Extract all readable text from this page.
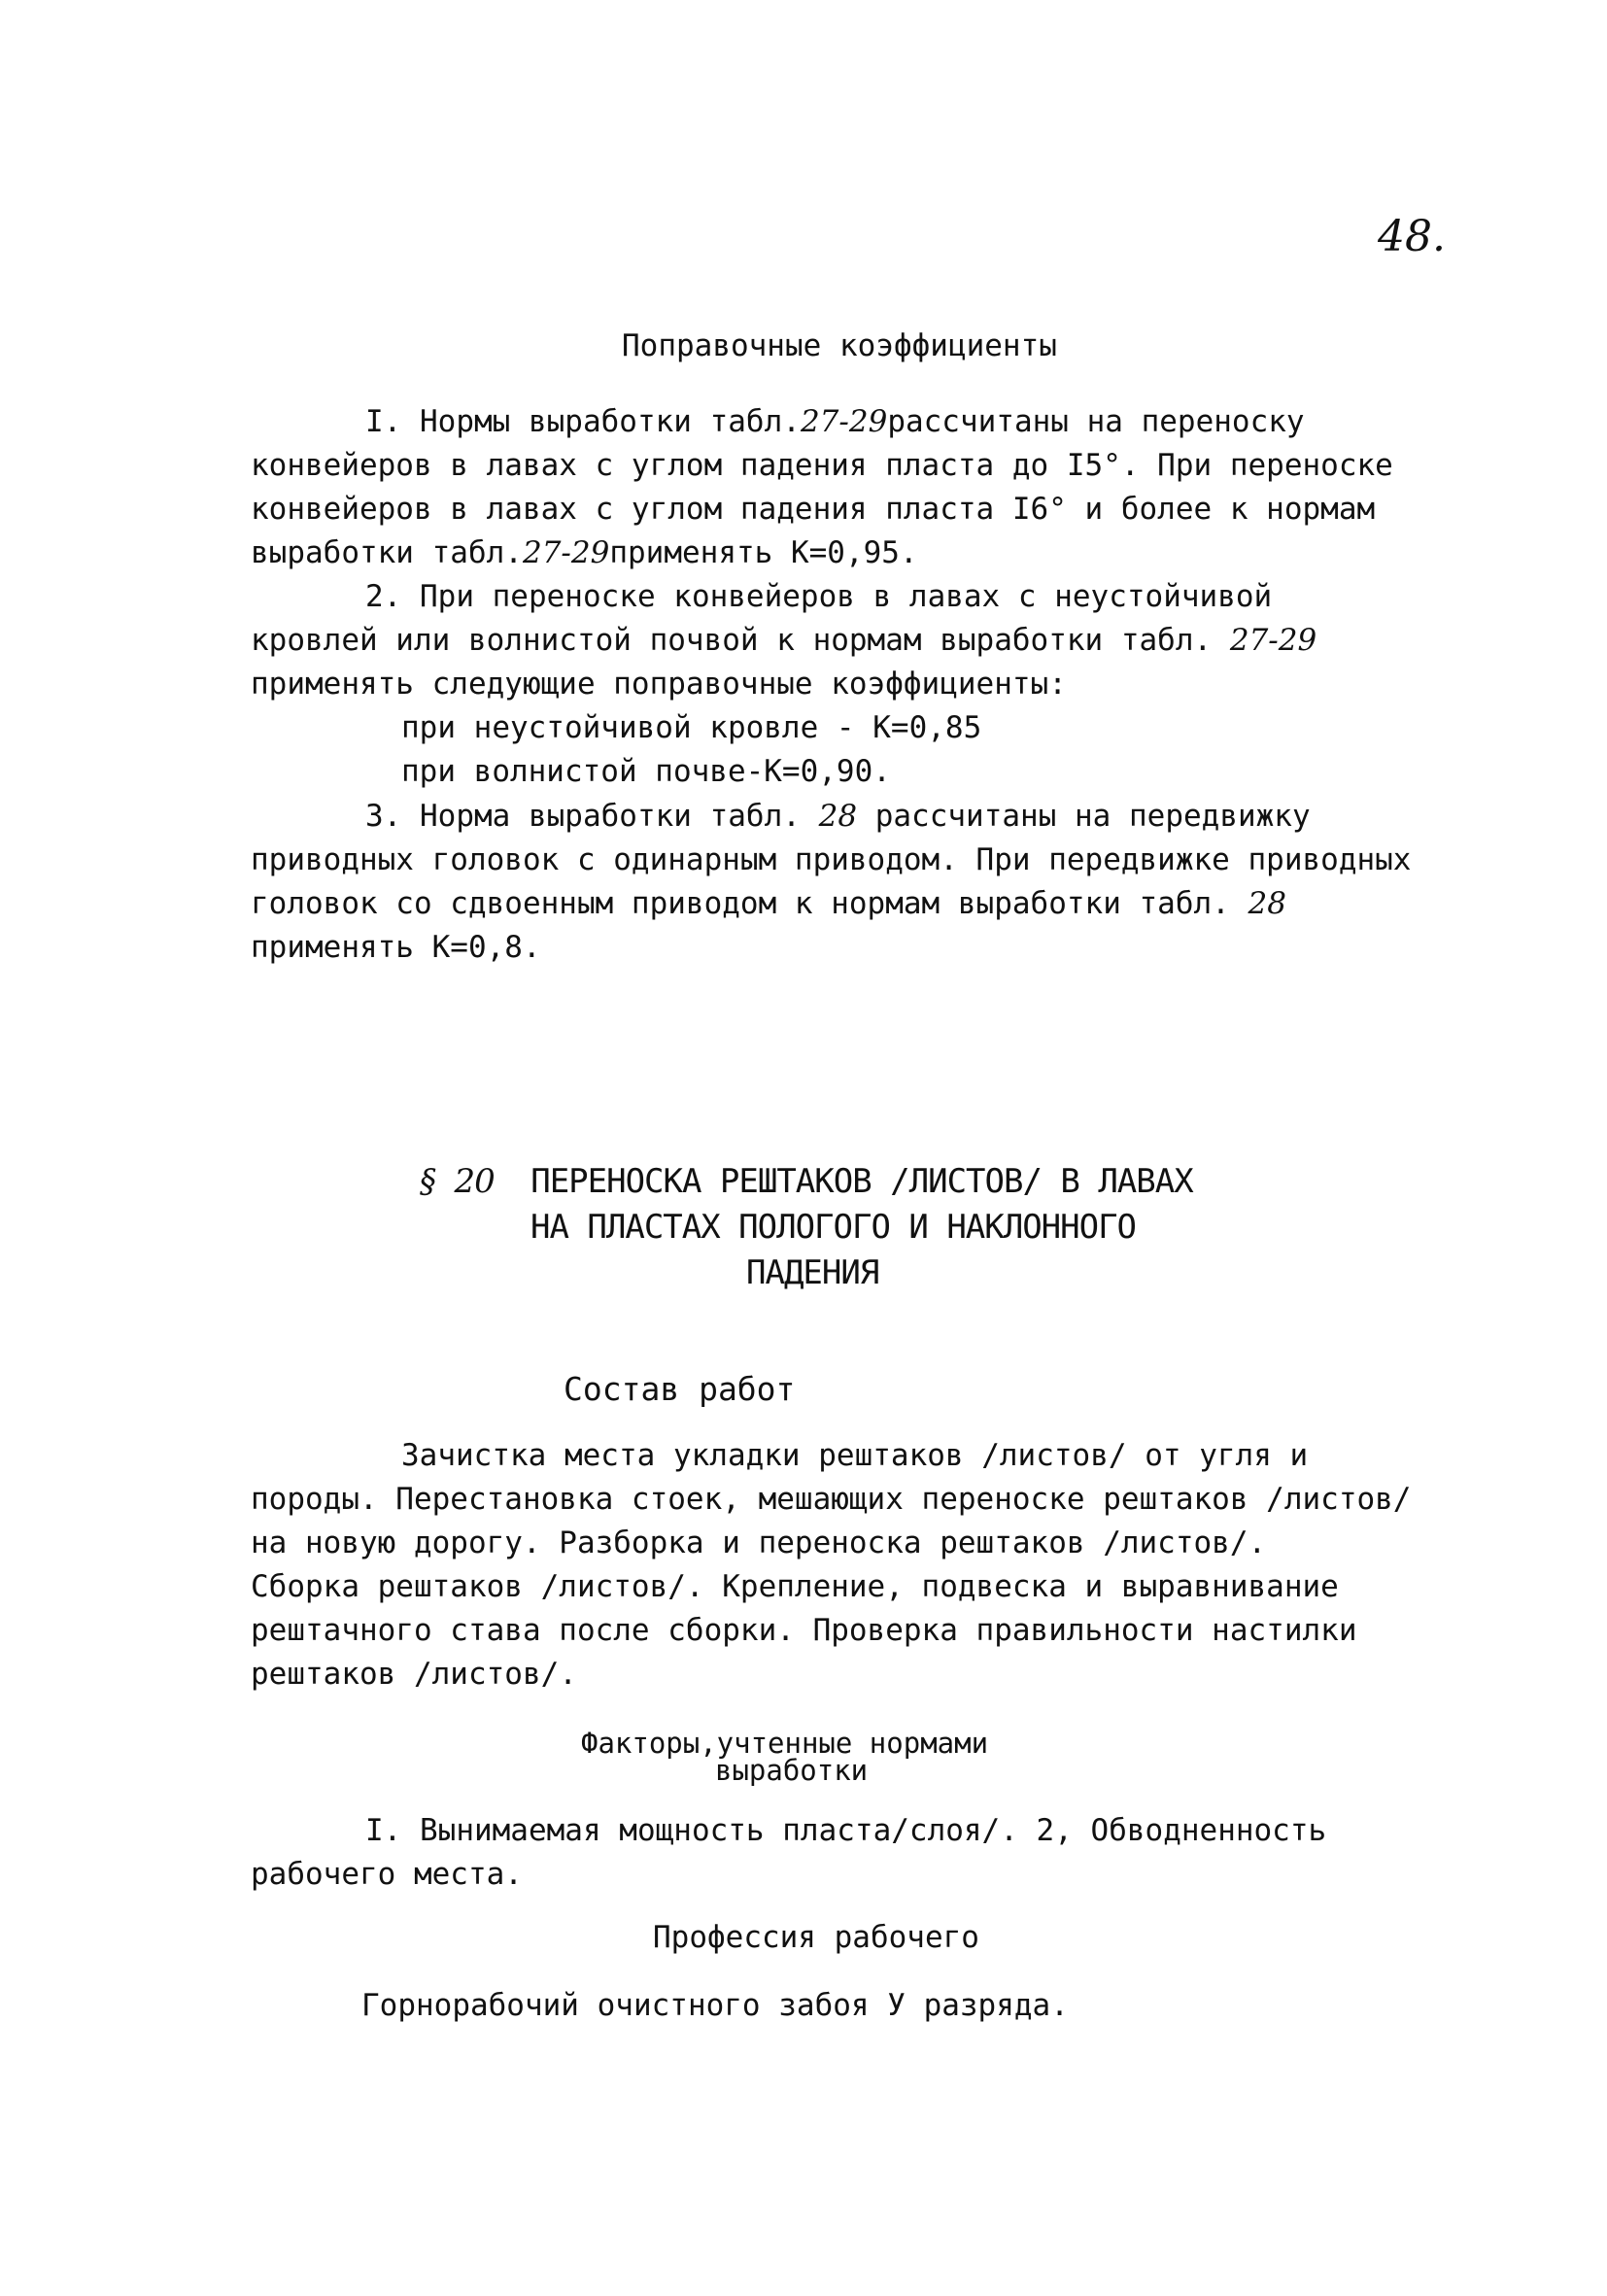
48.
Поправочные коэффициенты
I. Нормы выработки табл.27-29рассчитаны на переноску
конвейеров в лавах с углом падения пласта до I5°. При переноске
конвейеров в лавах с углом падения пласта I6° и более к нормам
выработки табл.27-29применять К=0,95.
2. При переноске конвейеров в лавах с неустойчивой
кровлей или волнистой почвой к нормам выработки табл. 27-29
применять следующие поправочные коэффициенты:
при неустойчивой кровле - К=0,85
при волнистой почве-К=0,90.
3. Норма выработки табл. 28 рассчитаны на передвижку
приводных головок с одинарным приводом. При передвижке приводных
головок со сдвоенным приводом к нормам выработки табл. 28
применять К=0,8.
§ 20 ПЕРЕНОСКА РЕШТАКОВ /ЛИСТОВ/ В ЛАВАХ
НА ПЛАСТАХ ПОЛОГОГО И НАКЛОННОГО
ПАДЕНИЯ
Состав работ
Зачистка места укладки рештаков /листов/ от угля и
породы. Перестановка стоек, мешающих переноске рештаков /листов/
на новую дорогу. Разборка и переноска рештаков /листов/.
Сборка рештаков /листов/. Крепление, подвеска и выравнивание
рештачного става после сборки. Проверка правильности настилки
рештаков /листов/.
Факторы,учтенные нормами
выработки
I. Вынимаемая мощность пласта/слоя/. 2, Обводненность
рабочего места.
Профессия рабочего
Горнорабочий очистного забоя У разряда.
